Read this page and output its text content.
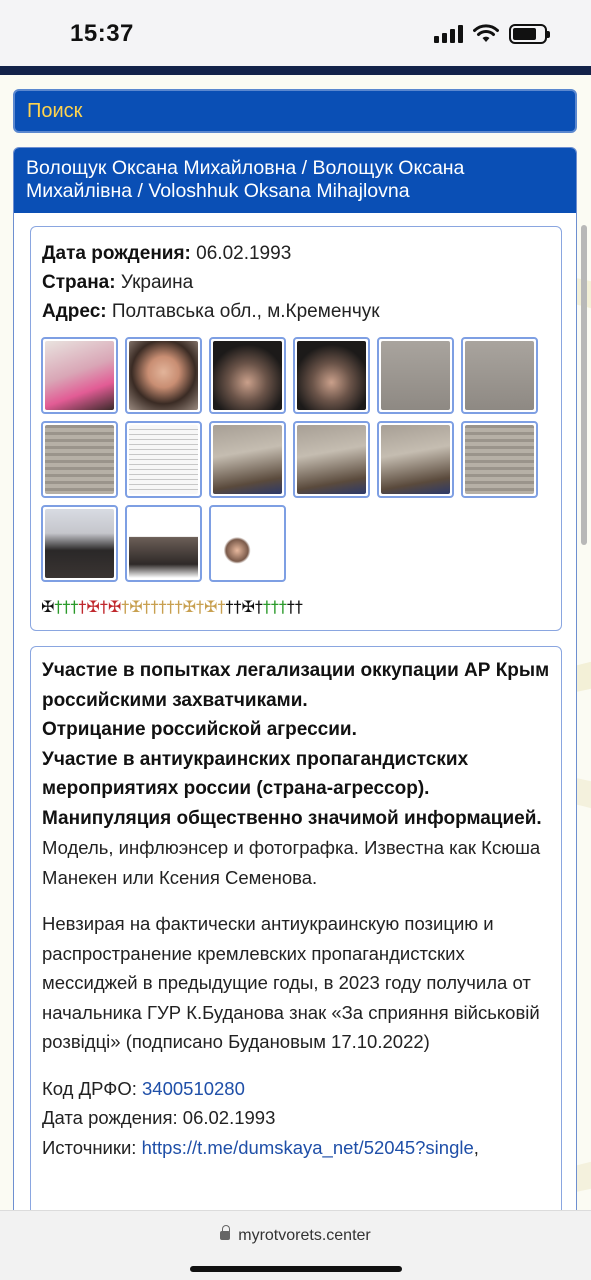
15:37
Поиск
Волощук Оксана Михайловна / Волощук Оксана Михайлівна / Voloshhuk Oksana Mihajlovna
Дата рождения: 06.02.1993
Страна: Украина
Адрес: Полтавська обл., м.Кременчук
✠††††✠†✠†✠†††††✠†✠†††✠††††††
Участие в попытках легализации оккупации АР Крым российскими захватчиками.
Отрицание российской агрессии.
Участие в антиукраинских пропагандистских мероприятиях россии (страна-агрессор).
Манипуляция общественно значимой информацией.
Модель, инфлюэнсер и фотографка. Известна как Ксюша Манекен или Ксения Семенова.
Невзирая на фактически антиукраинскую позицию и распространение кремлевских пропагандистских мессиджей в предыдущие годы, в 2023 году получила от начальника ГУР К.Буданова знак «За сприяння військовій розвідці» (подписано Будановым 17.10.2022)
Код ДРФО: 3400510280
Дата рождения: 06.02.1993
Источники: https://t.me/dumskaya_net/52045?single,
myrotvorets.center
